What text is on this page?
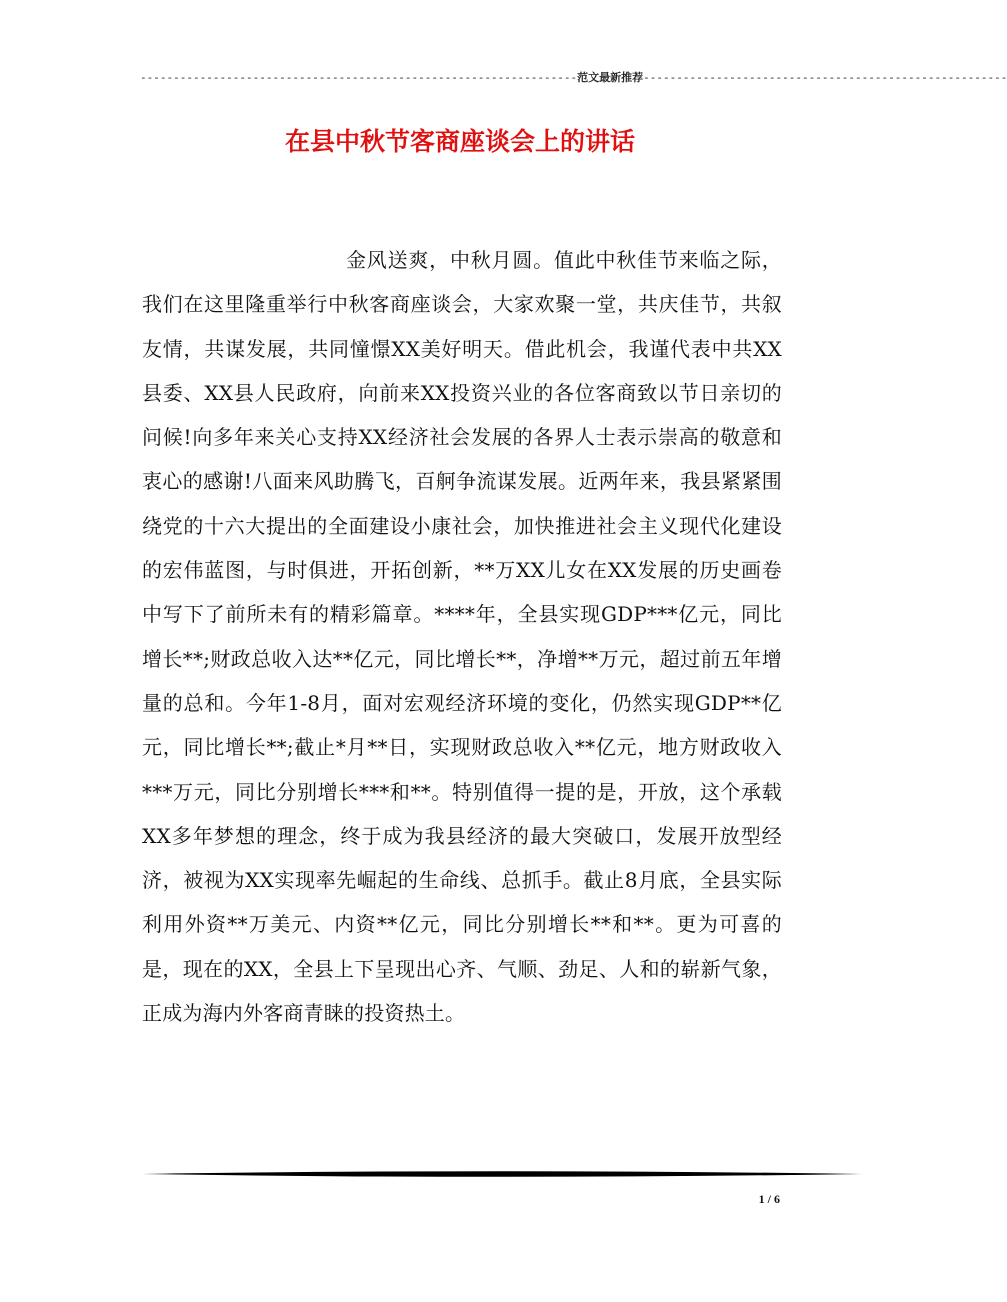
------------------------------------------------------------------范文最新推荐-------------------------------------------------------
在县中秋节客商座谈会上的讲话

金风送爽，中秋月圆。值此中秋佳节来临之际，我们在这里隆重举行中秋客商座谈会，大家欢聚一堂，共庆佳节，共叙友情，共谋发展，共同憧憬XX美好明天。借此机会，我谨代表中共XX县委、XX县人民政府，向前来XX投资兴业的各位客商致以节日亲切的问候!向多年来关心支持XX经济社会发展的各界人士表示崇高的敬意和衷心的感谢!八面来风助腾飞，百舸争流谋发展。近两年来，我县紧紧围绕党的十六大提出的全面建设小康社会，加快推进社会主义现代化建设的宏伟蓝图，与时俱进，开拓创新，**万XX儿女在XX发展的历史画卷中写下了前所未有的精彩篇章。****年，全县实现GDP***亿元，同比增长**;财政总收入达**亿元，同比增长**，净增**万元，超过前五年增量的总和。今年1-8月，面对宏观经济环境的变化，仍然实现GDP**亿元，同比增长**;截止*月**日，实现财政总收入**亿元，地方财政收入***万元，同比分别增长***和**。特别值得一提的是，开放，这个承载XX多年梦想的理念，终于成为我县经济的最大突破口，发展开放型经济，被视为XX实现率先崛起的生命线、总抓手。截止8月底，全县实际利用外资**万美元、内资**亿元，同比分别增长**和**。更为可喜的是，现在的XX，全县上下呈现出心齐、气顺、劲足、人和的崭新气象，正成为海内外客商青睐的投资热土。

1 / 6
